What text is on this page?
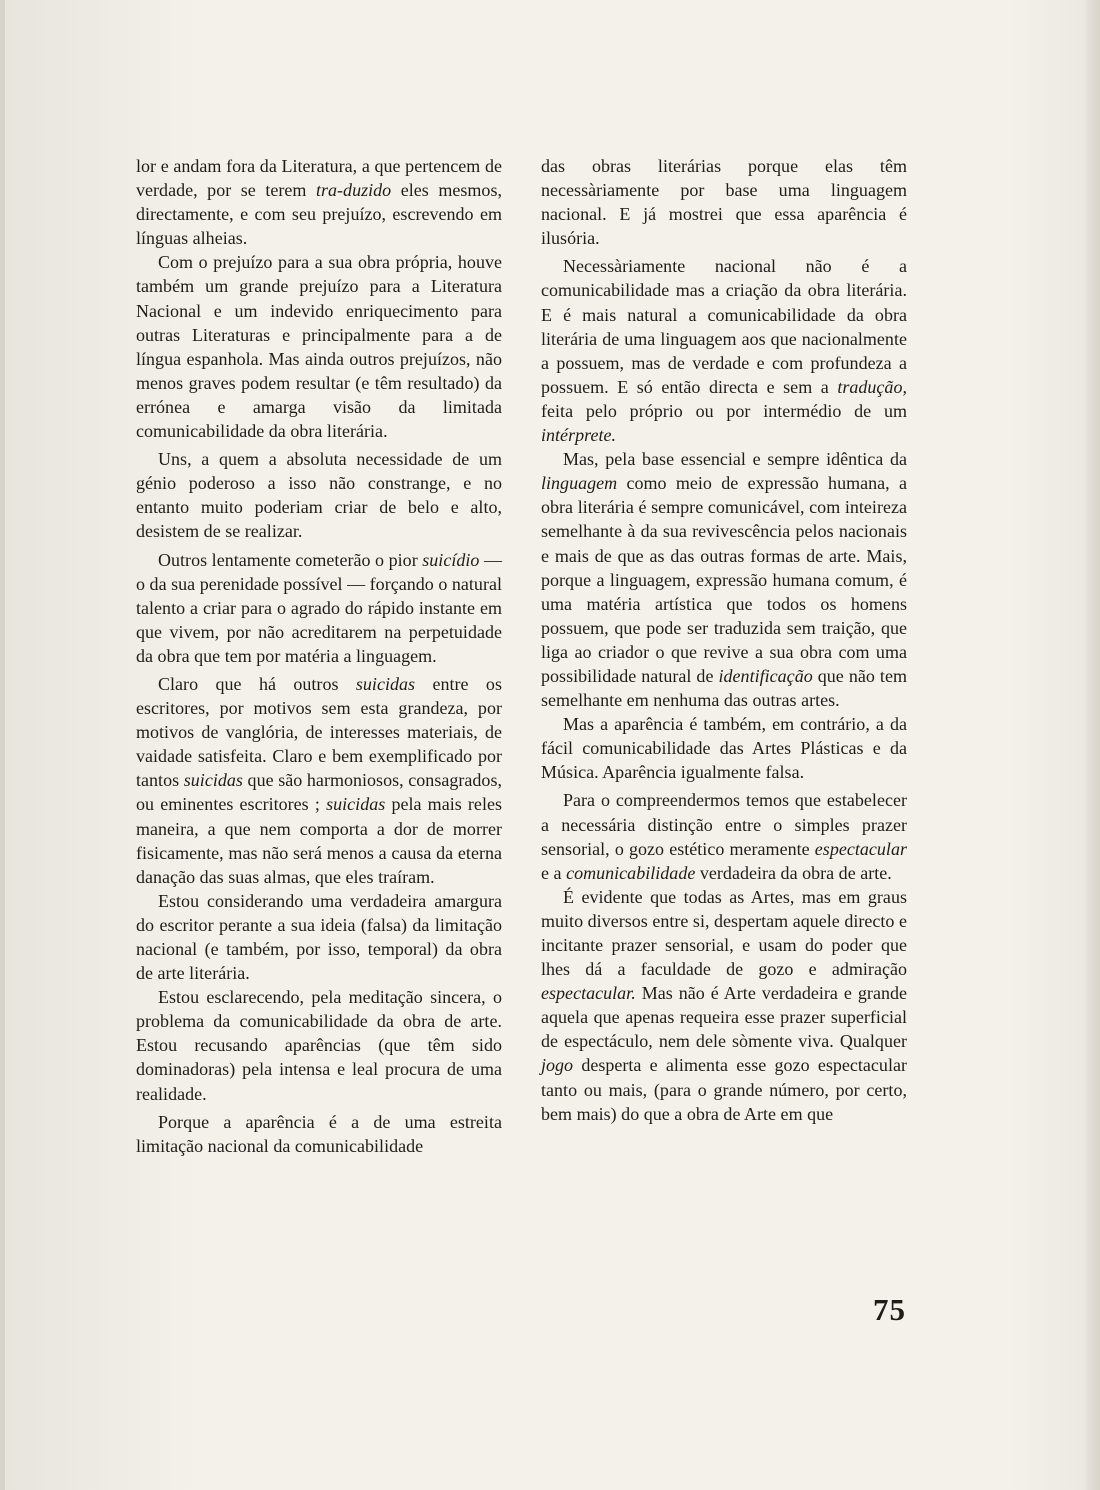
lor e andam fora da Literatura, a que pertencem de verdade, por se terem tra-duzido eles mesmos, directamente, e com seu prejuízo, escrevendo em línguas alheias.

Com o prejuízo para a sua obra própria, houve também um grande prejuízo para a Literatura Nacional e um indevido enriquecimento para outras Literaturas e principalmente para a de língua espanhola. Mas ainda outros prejuízos, não menos graves podem resultar (e têm resultado) da errónea e amarga visão da limitada comunicabilidade da obra literária.

Uns, a quem a absoluta necessidade de um génio poderoso a isso não constrange, e no entanto muito poderiam criar de belo e alto, desistem de se realizar.

Outros lentamente cometerão o pior suicídio — o da sua perenidade possível — forçando o natural talento a criar para o agrado do rápido instante em que vivem, por não acreditarem na perpetuidade da obra que tem por matéria a linguagem.

Claro que há outros suicidas entre os escritores, por motivos sem esta grandeza, por motivos de vanglória, de interesses materiais, de vaidade satisfeita. Claro e bem exemplificado por tantos suicidas que são harmoniosos, consagrados, ou eminentes escritores ; suicidas pela mais reles maneira, a que nem comporta a dor de morrer fisicamente, mas não será menos a causa da eterna danação das suas almas, que eles traíram.

Estou considerando uma verdadeira amargura do escritor perante a sua ideia (falsa) da limitação nacional (e também, por isso, temporal) da obra de arte literária.

Estou esclarecendo, pela meditação sincera, o problema da comunicabilidade da obra de arte. Estou recusando aparências (que têm sido dominadoras) pela intensa e leal procura de uma realidade.

Porque a aparência é a de uma estreita limitação nacional da comunicabilidade

das obras literárias porque elas têm necessàriamente por base uma linguagem nacional. E já mostrei que essa aparência é ilusória.

Necessàriamente nacional não é a comunicabilidade mas a criação da obra literária. E é mais natural a comunicabilidade da obra literária de uma linguagem aos que nacionalmente a possuem, mas de verdade e com profundeza a possuem. E só então directa e sem a tradução, feita pelo próprio ou por intermédio de um intérprete.

Mas, pela base essencial e sempre idêntica da linguagem como meio de expressão humana, a obra literária é sempre comunicável, com inteireza semelhante à da sua revivescência pelos nacionais e mais de que as das outras formas de arte. Mais, porque a linguagem, expressão humana comum, é uma matéria artística que todos os homens possuem, que pode ser traduzida sem traição, que liga ao criador o que revive a sua obra com uma possibilidade natural de identificação que não tem semelhante em nenhuma das outras artes.

Mas a aparência é também, em contrário, a da fácil comunicabilidade das Artes Plásticas e da Música. Aparência igualmente falsa.

Para o compreendermos temos que estabelecer a necessária distinção entre o simples prazer sensorial, o gozo estético meramente espectacular e a comunicabilidade verdadeira da obra de arte.

É evidente que todas as Artes, mas em graus muito diversos entre si, despertam aquele directo e incitante prazer sensorial, e usam do poder que lhes dá a faculdade de gozo e admiração espectacular. Mas não é Arte verdadeira e grande aquela que apenas requeira esse prazer superficial de espectáculo, nem dele sòmente viva. Qualquer jogo desperta e alimenta esse gozo espectacular tanto ou mais, (para o grande número, por certo, bem mais) do que a obra de Arte em que

75
